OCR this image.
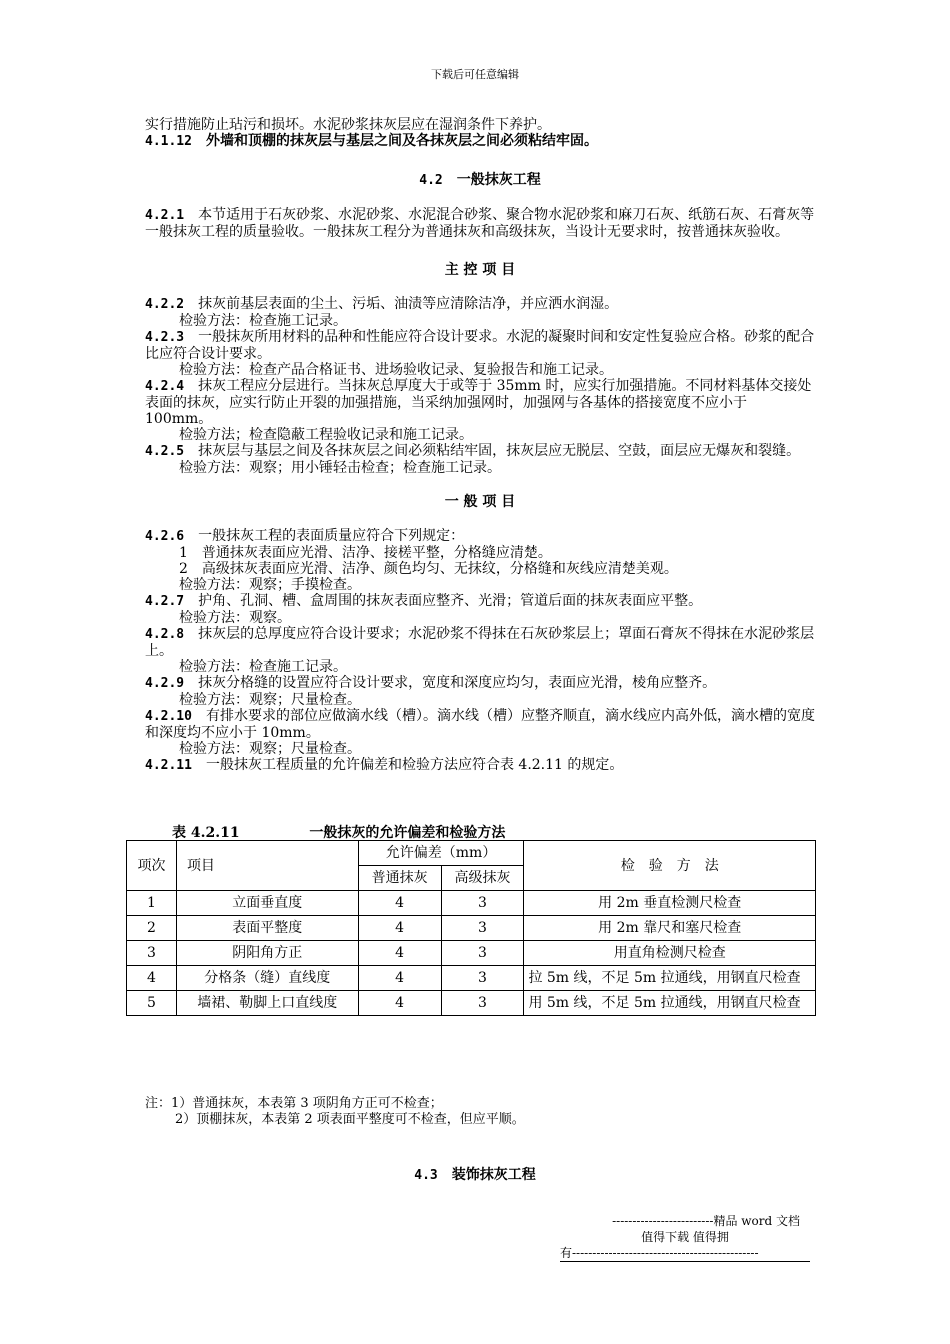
下载后可任意编辑

实行措施防止玷污和损坏。水泥砂浆抹灰层应在湿润条件下养护。

4.1.12　 外墙和顶棚的抹灰层与基层之间及各抹灰层之间必须粘结牢固。

4.2　 一般抹灰工程

4.2.1　 本节适用于石灰砂浆、水泥砂浆、水泥混合砂浆、聚合物水泥砂浆和麻刀石灰、纸筋石灰、石膏灰等一般抹灰工程的质量验收。一般抹灰工程分为普通抹灰和高级抹灰，当设计无要求时，按普通抹灰验收。

主 控 项 目

4.2.2　 抹灰前基层表面的尘土、污垢、油渍等应清除洁净，并应洒水润湿。

检验方法：检查施工记录。

4.2.3　 一般抹灰所用材料的品种和性能应符合设计要求。水泥的凝聚时间和安定性复验应合格。砂浆的配合比应符合设计要求。

检验方法：检查产品合格证书、进场验收记录、复验报告和施工记录。

4.2.4　 抹灰工程应分层进行。当抹灰总厚度大于或等于 35mm 时，应实行加强措施。不同材料基体交接处表面的抹灰，应实行防止开裂的加强措施，当采纳加强网时，加强网与各基体的搭接宽度不应小于 100mm。

检验方法；检查隐蔽工程验收记录和施工记录。

4.2.5　 抹灰层与基层之间及各抹灰层之间必须粘结牢固，抹灰层应无脱层、空鼓，面层应无爆灰和裂缝。

检验方法：观察；用小锤轻击检查；检查施工记录。

一 般 项 目

4.2.6　 一般抹灰工程的表面质量应符合下列规定：

1　普通抹灰表面应光滑、洁净、接槎平整，分格缝应清楚。

2　高级抹灰表面应光滑、洁净、颜色均匀、无抹纹，分格缝和灰线应清楚美观。

检验方法：观察；手摸检查。

4.2.7　 护角、孔洞、槽、盒周围的抹灰表面应整齐、光滑；管道后面的抹灰表面应平整。

检验方法：观察。

4.2.8　 抹灰层的总厚度应符合设计要求；水泥砂浆不得抹在石灰砂浆层上；罩面石膏灰不得抹在水泥砂浆层上。

检验方法：检查施工记录。

4.2.9　 抹灰分格缝的设置应符合设计要求，宽度和深度应均匀，表面应光滑，棱角应整齐。

检验方法：观察；尺量检查。

4.2.10　 有排水要求的部位应做滴水线（槽）。滴水线（槽）应整齐顺直，滴水线应内高外低，滴水槽的宽度和深度均不应小于 10mm。

检验方法：观察；尺量检查。

4.2.11　 一般抹灰工程质量的允许偏差和检验方法应符合表 4.2.11 的规定。

表 4.2.11	一般抹灰的允许偏差和检验方法
项次	项目	允许偏差（mm）		检　验　方　法
		普通抹灰	高级抹灰	
1	立面垂直度	4	3	用 2m 垂直检测尺检查
2	表面平整度	4	3	用 2m 靠尺和塞尺检查
3	阴阳角方正	4	3	用直角检测尺检查
4	分格条（缝）直线度	4	3	拉 5m 线，不足 5m 拉通线，用钢直尺检查
5	墙裙、勒脚上口直线度	4	3	用 5m 线，不足 5m 拉通线，用钢直尺检查
注：1）普通抹灰，本表第 3 项阴角方正可不检查；
2）顶棚抹灰，本表第 2 项表面平整度可不检查，但应平顺。
4.3　 装饰抹灰工程
-------------------------精品 word 文档
值得下载 值得拥
有----------------------------------------------
